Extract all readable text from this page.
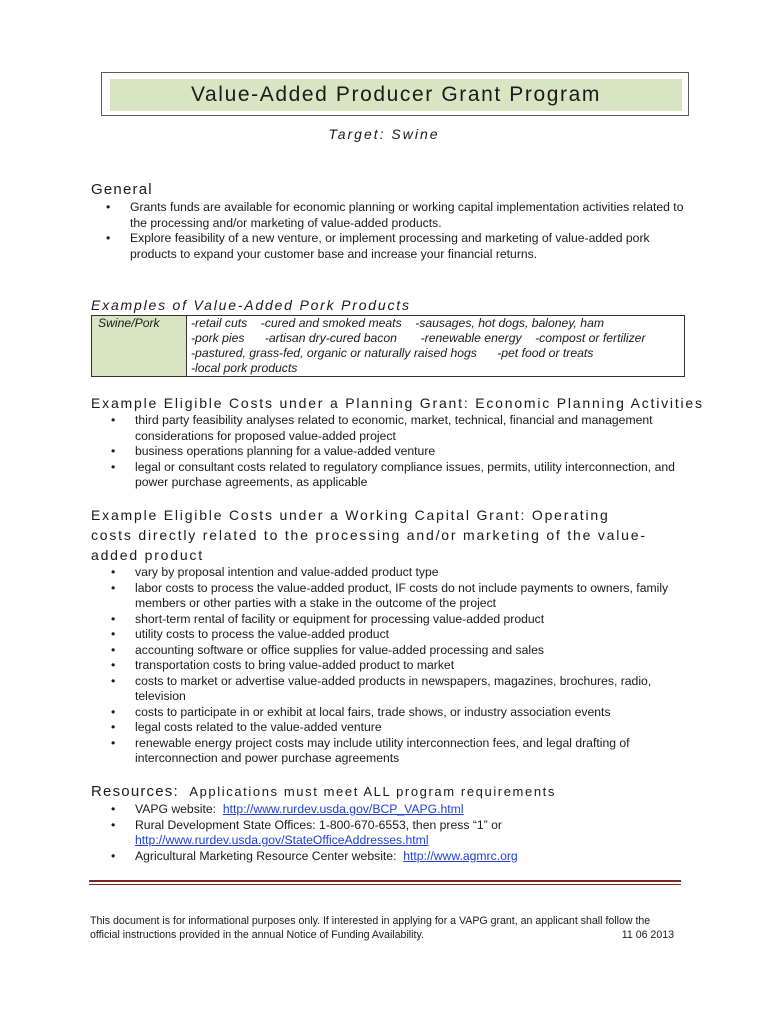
Value-Added Producer Grant Program
Target: Swine
General
• Grants funds are available for economic planning or working capital implementation activities related to the processing and/or marketing of value-added products.
• Explore feasibility of a new venture, or implement processing and marketing of value-added pork products to expand your customer base and increase your financial returns.
Examples of Value-Added Pork Products
Swine/Pork	-retail cuts    -cured and smoked meats    -sausages, hot dogs, baloney, ham
-pork pies      -artisan dry-cured bacon       -renewable energy    -compost or fertilizer
-pastured, grass-fed, organic or naturally raised hogs      -pet food or treats
-local pork products
Example Eligible Costs under a Planning Grant: Economic Planning Activities
• third party feasibility analyses related to economic, market, technical, financial and management considerations for proposed value-added project
• business operations planning for a value-added venture
• legal or consultant costs related to regulatory compliance issues, permits, utility interconnection, and power purchase agreements, as applicable
Example Eligible Costs under a Working Capital Grant: Operating costs directly related to the processing and/or marketing of the value-added product
• vary by proposal intention and value-added product type
• labor costs to process the value-added product, IF costs do not include payments to owners, family members or other parties with a stake in the outcome of the project
• short-term rental of facility or equipment for processing value-added product
• utility costs to process the value-added product
• accounting software or office supplies for value-added processing and sales
• transportation costs to bring value-added product to market
• costs to market or advertise value-added products in newspapers, magazines, brochures, radio, television
• costs to participate in or exhibit at local fairs, trade shows, or industry association events
• legal costs related to the value-added venture
• renewable energy project costs may include utility interconnection fees, and legal drafting of interconnection and power purchase agreements
Resources: Applications must meet ALL program requirements
• VAPG website: http://www.rurdev.usda.gov/BCP_VAPG.html
• Rural Development State Offices: 1-800-670-6553, then press “1” or
http://www.rurdev.usda.gov/StateOfficeAddresses.html
• Agricultural Marketing Resource Center website: http://www.agmrc.org
This document is for informational purposes only. If interested in applying for a VAPG grant, an applicant shall follow the official instructions provided in the annual Notice of Funding Availability.	11 06 2013
